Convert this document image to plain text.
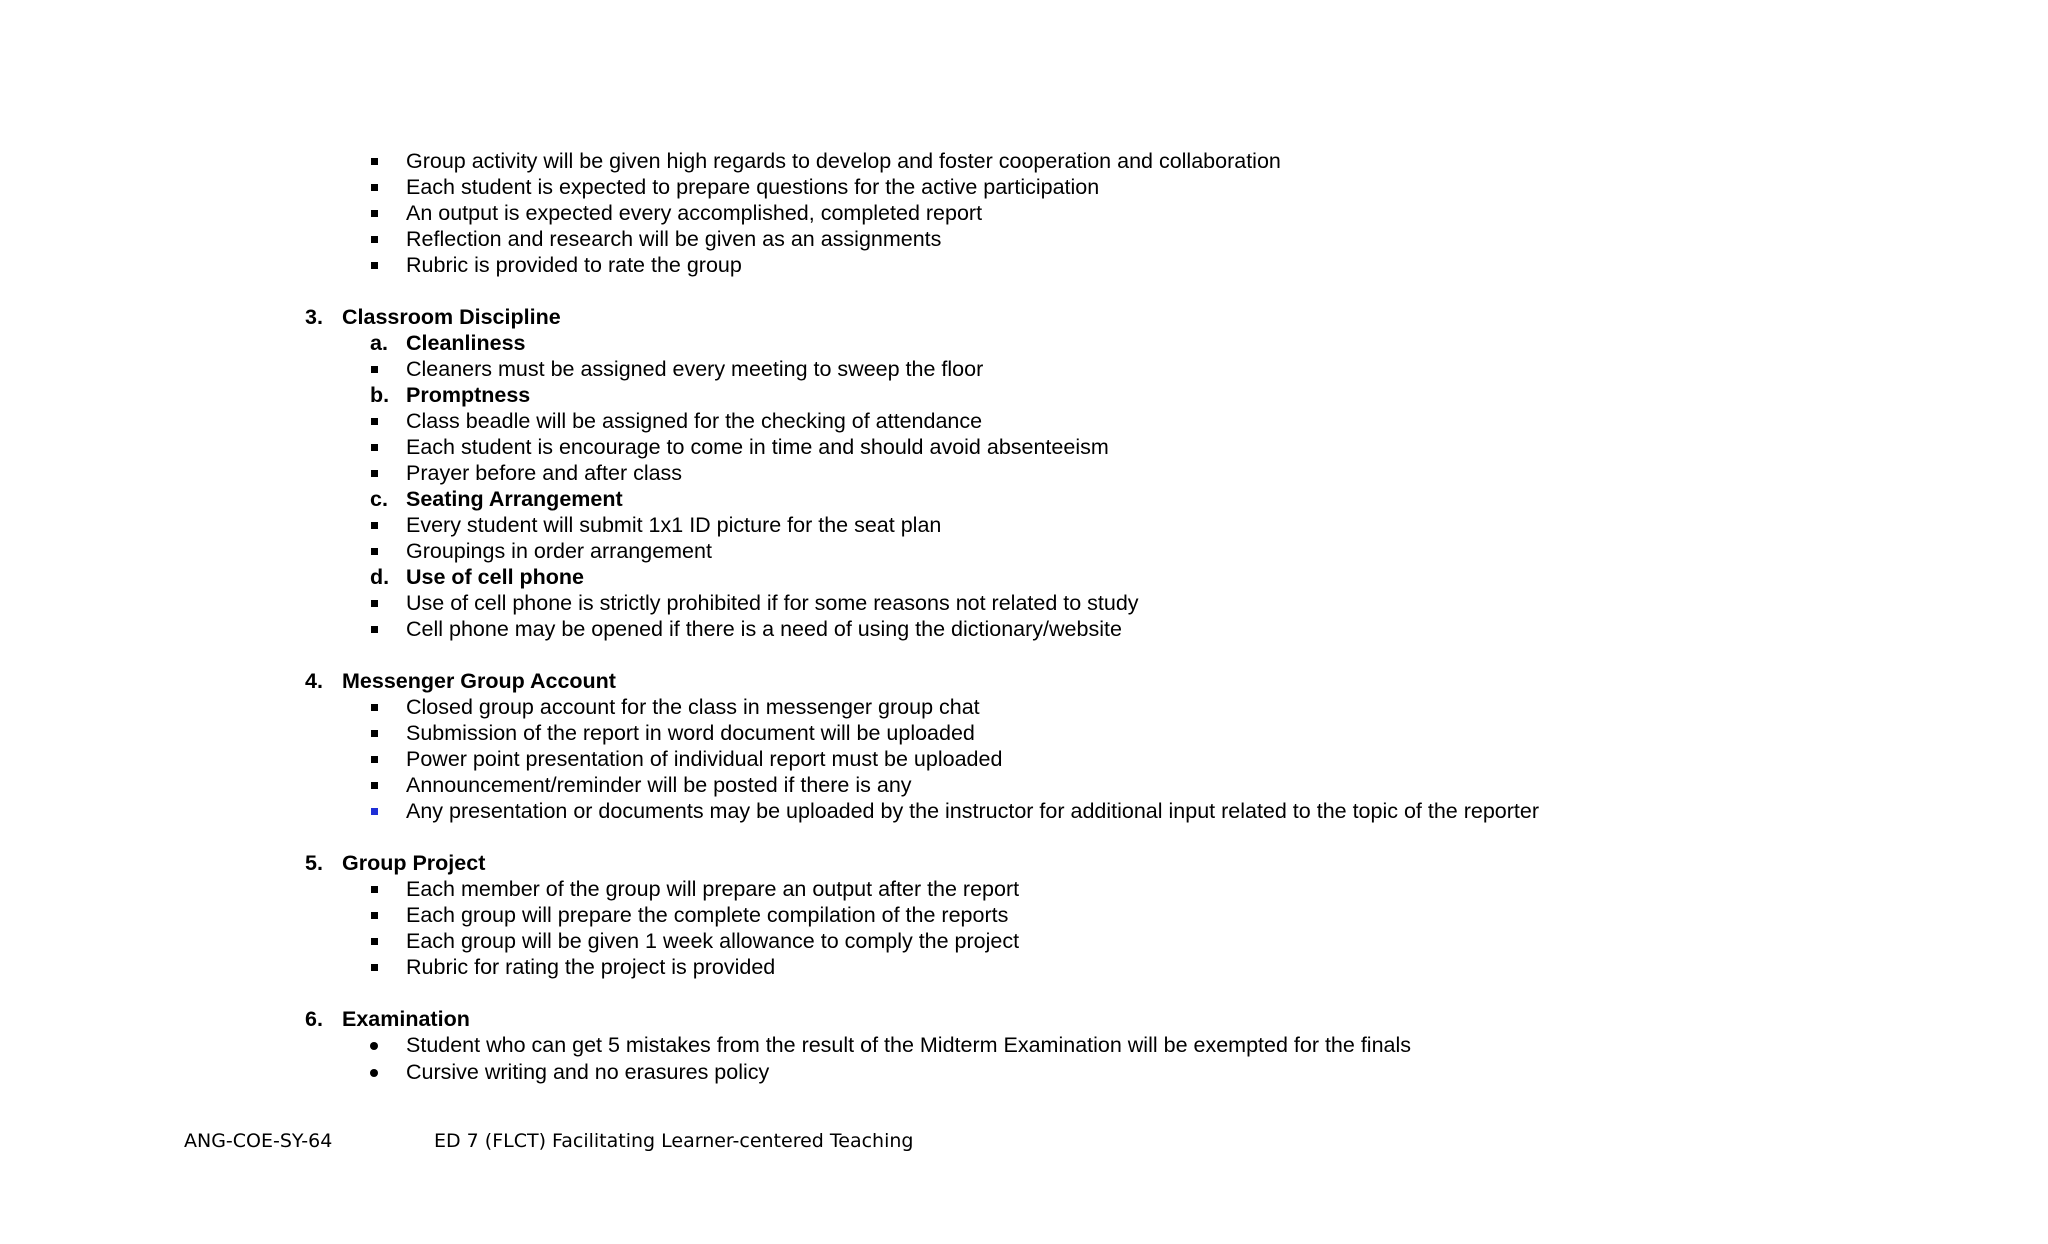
Group activity will be given high regards to develop and foster cooperation and collaboration
Each student is expected to prepare questions for the active participation
An output is expected every accomplished, completed report
Reflection and research will be given as an assignments
Rubric is provided to rate the group
3. Classroom Discipline
a. Cleanliness
Cleaners must be assigned every meeting to sweep the floor
b. Promptness
Class beadle will be assigned for the checking of attendance
Each student is encourage to come in time and should avoid absenteeism
Prayer before and after class
c. Seating Arrangement
Every student will submit 1x1 ID picture for the seat plan
Groupings in order arrangement
d. Use of cell phone
Use of cell phone is strictly prohibited if for some reasons not related to study
Cell phone may be opened if there is a need of using the dictionary/website
4. Messenger Group Account
Closed group account for the class in messenger group chat
Submission of the report in word document will be uploaded
Power point presentation of individual report must be uploaded
Announcement/reminder will be posted if there is any
Any presentation or documents may be uploaded by the instructor for additional input related to the topic of the reporter
5. Group Project
Each member of the group will prepare an output after the report
Each group will prepare the complete compilation of the reports
Each group will be given 1 week allowance to comply the project
Rubric for rating the project is provided
6. Examination
Student who can get 5 mistakes from the result of the Midterm Examination will be exempted for the finals
Cursive writing and no erasures policy
ANG-COE-SY-64	ED 7 (FLCT) Facilitating Learner-centered Teaching
